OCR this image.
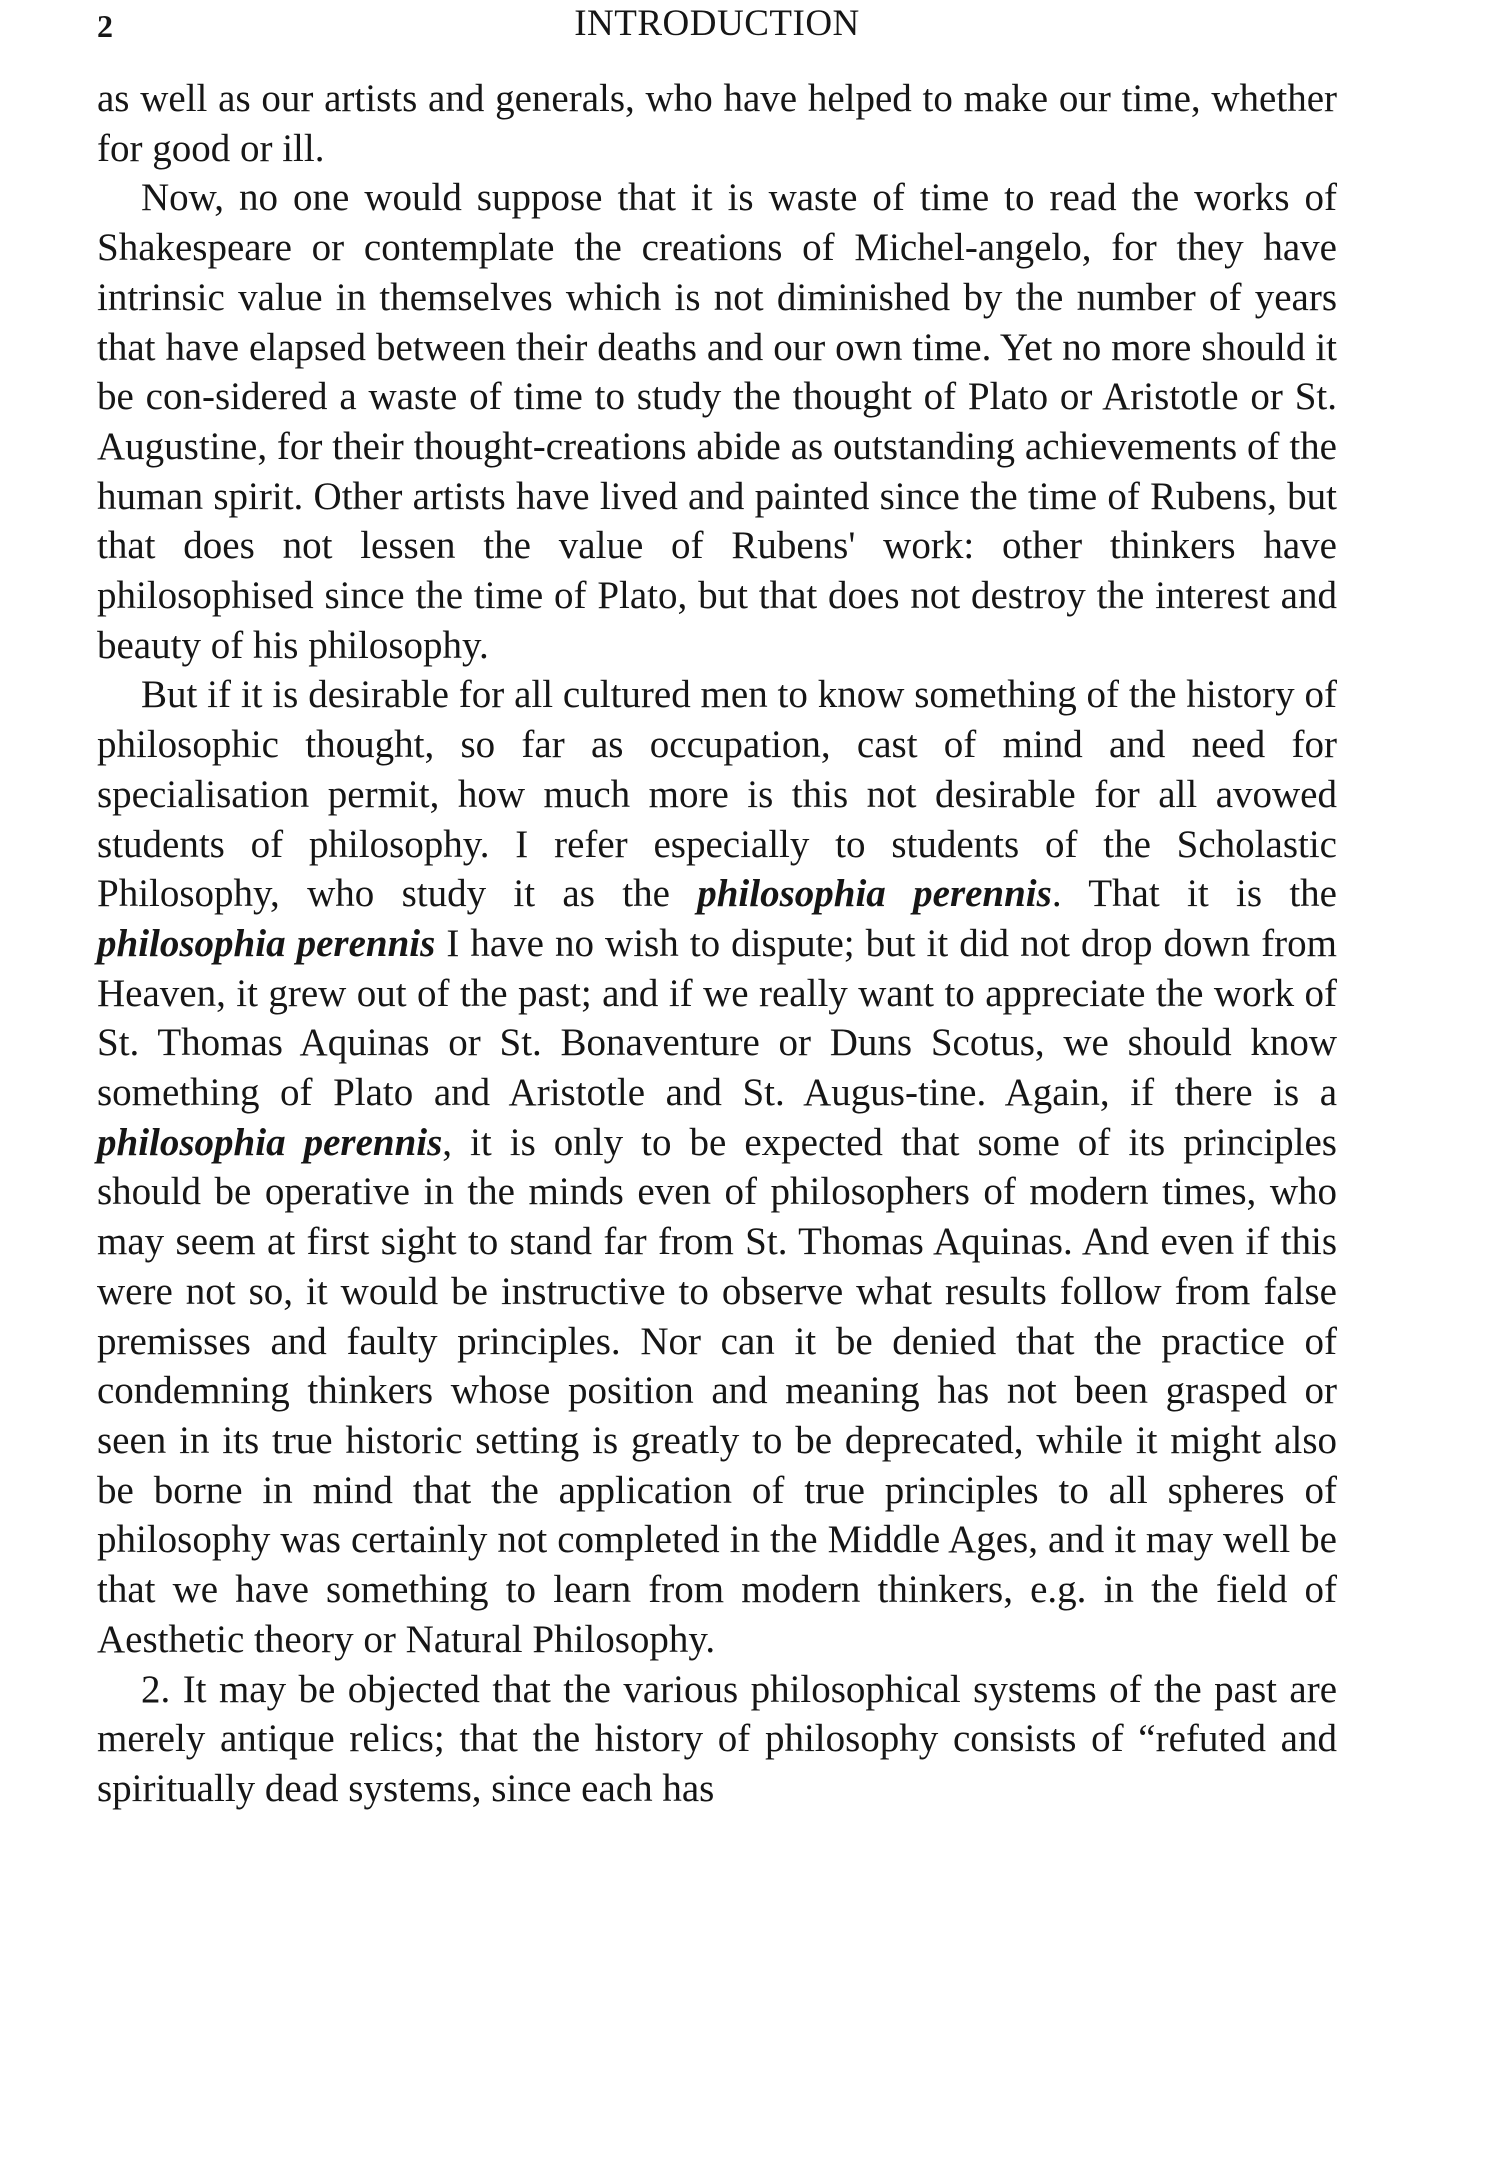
2	INTRODUCTION

as well as our artists and generals, who have helped to make our time, whether for good or ill.

Now, no one would suppose that it is waste of time to read the works of Shakespeare or contemplate the creations of Michel-angelo, for they have intrinsic value in themselves which is not diminished by the number of years that have elapsed between their deaths and our own time. Yet no more should it be con-sidered a waste of time to study the thought of Plato or Aristotle or St. Augustine, for their thought-creations abide as outstanding achievements of the human spirit. Other artists have lived and painted since the time of Rubens, but that does not lessen the value of Rubens' work: other thinkers have philosophised since the time of Plato, but that does not destroy the interest and beauty of his philosophy.

But if it is desirable for all cultured men to know something of the history of philosophic thought, so far as occupation, cast of mind and need for specialisation permit, how much more is this not desirable for all avowed students of philosophy. I refer especially to students of the Scholastic Philosophy, who study it as the philosophia perennis. That it is the philosophia perennis I have no wish to dispute; but it did not drop down from Heaven, it grew out of the past; and if we really want to appreciate the work of St. Thomas Aquinas or St. Bonaventure or Duns Scotus, we should know something of Plato and Aristotle and St. Augus-tine. Again, if there is a philosophia perennis, it is only to be expected that some of its principles should be operative in the minds even of philosophers of modern times, who may seem at first sight to stand far from St. Thomas Aquinas. And even if this were not so, it would be instructive to observe what results follow from false premisses and faulty principles. Nor can it be denied that the practice of condemning thinkers whose position and meaning has not been grasped or seen in its true historic setting is greatly to be deprecated, while it might also be borne in mind that the application of true principles to all spheres of philosophy was certainly not completed in the Middle Ages, and it may well be that we have something to learn from modern thinkers, e.g. in the field of Aesthetic theory or Natural Philosophy.

2. It may be objected that the various philosophical systems of the past are merely antique relics; that the history of philosophy consists of “refuted and spiritually dead systems, since each has
